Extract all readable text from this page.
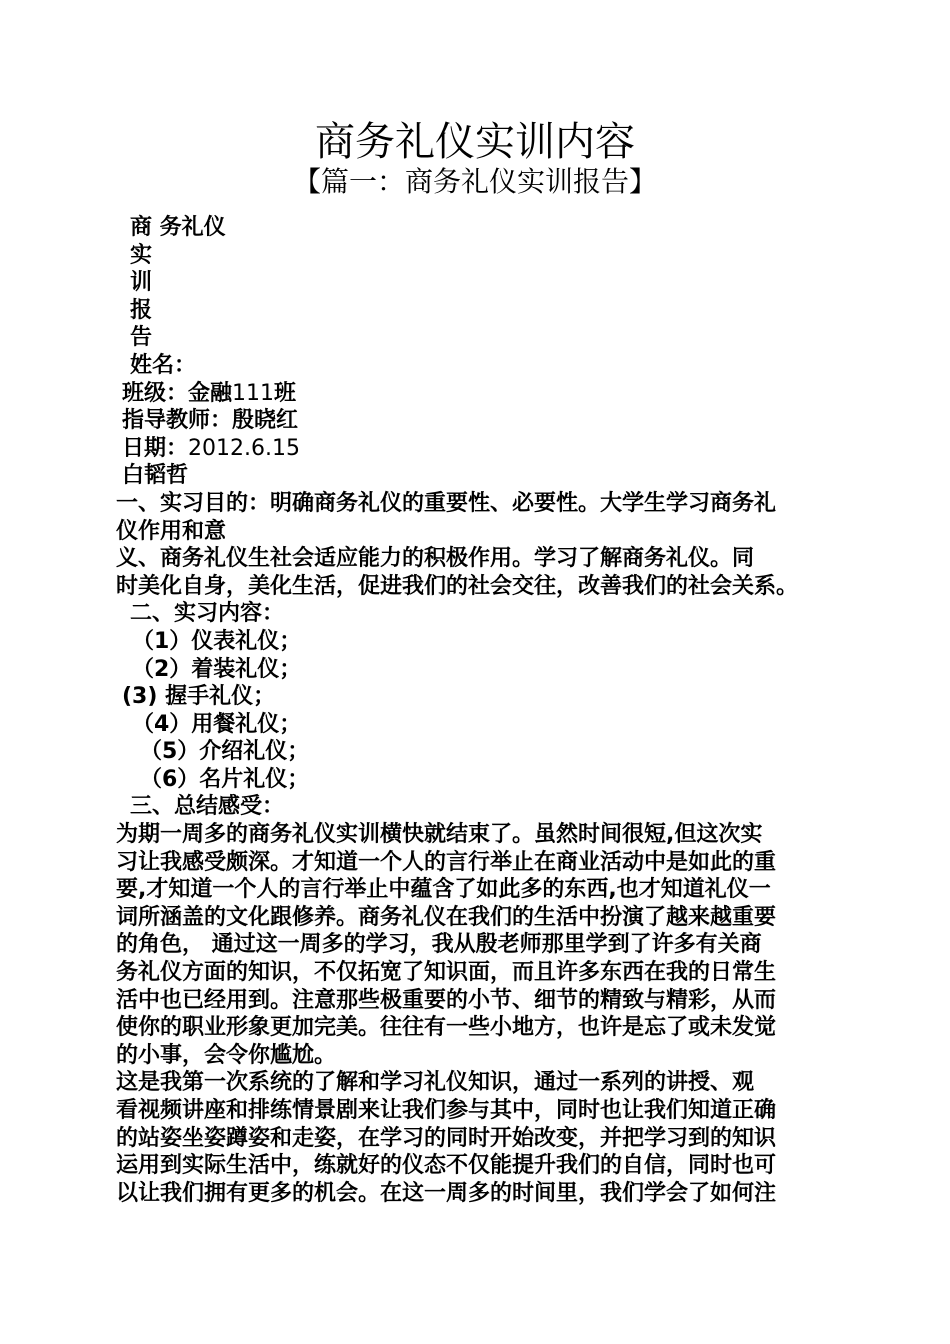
商务礼仪实训内容
【篇一：商务礼仪实训报告】
商 务礼仪
实
训
报
告
姓名：
班级：金融111班
指导教师：殷晓红
日期：2012.6.15
白韬哲
一、实习目的：明确商务礼仪的重要性、必要性。大学生学习商务礼
仪作用和意
义、商务礼仪生社会适应能力的积极作用。学习了解商务礼仪。同
时美化自身，美化生活，促进我们的社会交往，改善我们的社会关系。
二、实习内容：
（1）仪表礼仪；
（2）着装礼仪；
(3) 握手礼仪；
（4）用餐礼仪；
（5）介绍礼仪；
（6）名片礼仪；
三、总结感受：
为期一周多的商务礼仪实训横快就结束了。虽然时间很短,但这次实
习让我感受颇深。才知道一个人的言行举止在商业活动中是如此的重
要,才知道一个人的言行举止中蕴含了如此多的东西,也才知道礼仪一
词所涵盖的文化跟修养。商务礼仪在我们的生活中扮演了越来越重要
的角色， 通过这一周多的学习，我从殷老师那里学到了许多有关商
务礼仪方面的知识，不仅拓宽了知识面，而且许多东西在我的日常生
活中也已经用到。注意那些极重要的小节、细节的精致与精彩，从而
使你的职业形象更加完美。往往有一些小地方，也许是忘了或未发觉
的小事，会令你尴尬。
这是我第一次系统的了解和学习礼仪知识，通过一系列的讲授、观
看视频讲座和排练情景剧来让我们参与其中，同时也让我们知道正确
的站姿坐姿蹲姿和走姿，在学习的同时开始改变，并把学习到的知识
运用到实际生活中，练就好的仪态不仅能提升我们的自信，同时也可
以让我们拥有更多的机会。在这一周多的时间里，我们学会了如何注
